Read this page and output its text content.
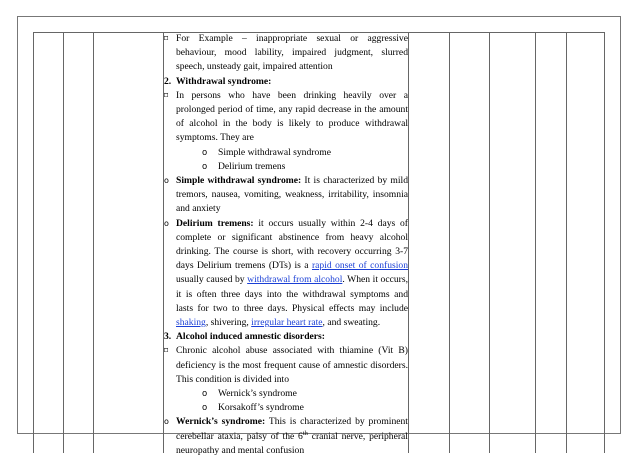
⌑ For Example – inappropriate sexual or aggressive behaviour, mood lability, impaired judgment, slurred speech, unsteady gait, impaired attention
2. Withdrawal syndrome:
⌑ In persons who have been drinking heavily over a prolonged period of time, any rapid decrease in the amount of alcohol in the body is likely to produce withdrawal symptoms. They are
o	Simple withdrawal syndrome
o	Delirium tremens
o Simple withdrawal syndrome: It is characterized by mild tremors, nausea, vomiting, weakness, irritability, insomnia and anxiety
o Delirium tremens: it occurs usually within 2-4 days of complete or significant abstinence from heavy alcohol drinking. The course is short, with recovery occurring 3-7 days Delirium tremens (DTs) is a rapid onset of confusion usually caused by withdrawal from alcohol. When it occurs, it is often three days into the withdrawal symptoms and lasts for two to three days. Physical effects may include shaking, shivering, irregular heart rate, and sweating.
3. Alcohol induced amnestic disorders:
⌑ Chronic alcohol abuse associated with thiamine (Vit B) deficiency is the most frequent cause of amnestic disorders. This condition is divided into
o	Wernick’s syndrome
o	Korsakoff’s syndrome
o Wernick’s syndrome: This is characterized by prominent cerebellar ataxia, palsy of the 6th cranial nerve, peripheral neuropathy and mental confusion
